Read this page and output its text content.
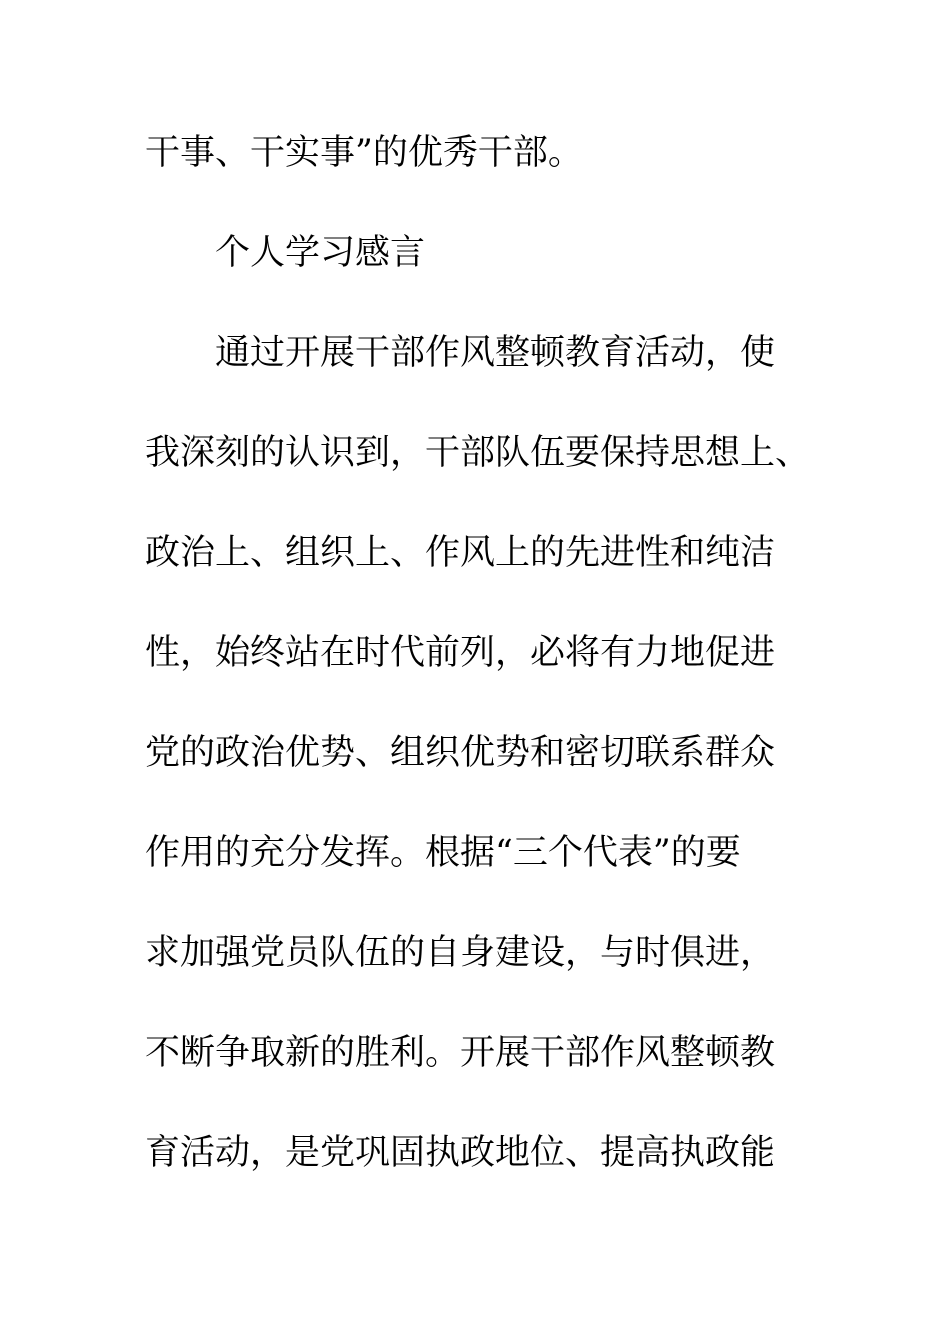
干事、干实事”的优秀干部。
个人学习感言
通过开展干部作风整顿教育活动，使
我深刻的认识到，干部队伍要保持思想上、
政治上、组织上、作风上的先进性和纯洁
性，始终站在时代前列，必将有力地促进
党的政治优势、组织优势和密切联系群众
作用的充分发挥。根据“三个代表”的要
求加强党员队伍的自身建设，与时俱进，
不断争取新的胜利。开展干部作风整顿教
育活动，是党巩固执政地位、提高执政能
